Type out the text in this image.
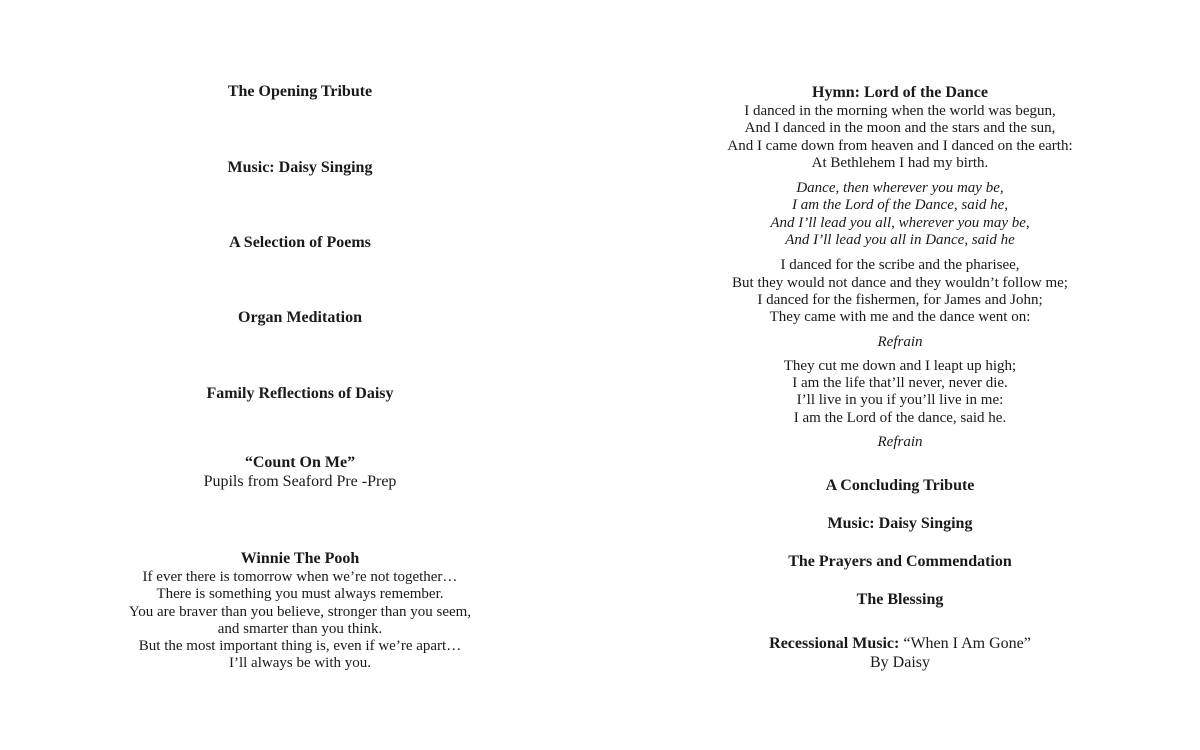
The Opening Tribute
Music: Daisy Singing
A Selection of Poems
Organ Meditation
Family Reflections of Daisy
“Count On Me”
Pupils from Seaford Pre -Prep
Winnie The Pooh
If ever there is tomorrow when we’re not together…
There is something you must always remember.
You are braver than you believe, stronger than you seem,
and smarter than you think.
But the most important thing is, even if we’re apart…
I’ll always be with you.
Hymn: Lord of the Dance
I danced in the morning when the world was begun,
And I danced in the moon and the stars and the sun,
And I came down from heaven and I danced on the earth:
At Bethlehem I had my birth.
Dance, then wherever you may be,
I am the Lord of the Dance, said he,
And I’ll lead you all, wherever you may be,
And I’ll lead you all in Dance, said he
I danced for the scribe and the pharisee,
But they would not dance and they wouldn’t follow me;
I danced for the fishermen, for James and John;
They came with me and the dance went on:
Refrain
They cut me down and I leapt up high;
I am the life that’ll never, never die.
I’ll live in you if you’ll live in me:
I am the Lord of the dance, said he.
Refrain
A Concluding Tribute
Music: Daisy Singing
The Prayers and Commendation
The Blessing
Recessional Music: “When I Am Gone”
By Daisy
